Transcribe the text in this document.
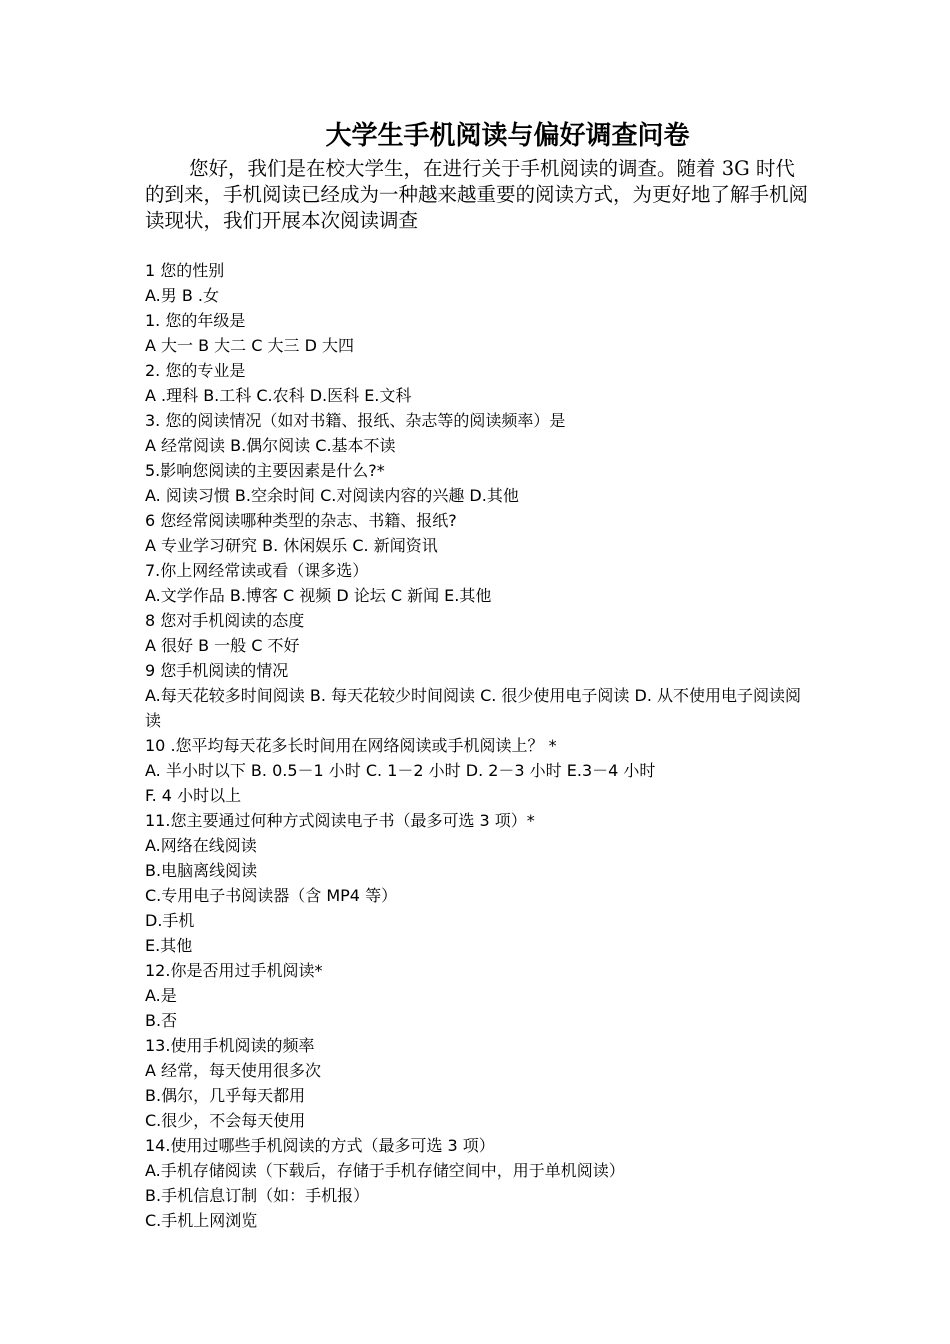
大学生手机阅读与偏好调查问卷

您好，我们是在校大学生，在进行关于手机阅读的调查。随着 3G 时代的到来，手机阅读已经成为一种越来越重要的阅读方式，为更好地了解手机阅读现状，我们开展本次阅读调查

1 您的性别

A.男 B .女

1. 您的年级是

A 大一 B 大二 C 大三 D 大四

2. 您的专业是

A .理科 B.工科 C.农科 D.医科 E.文科

3. 您的阅读情况（如对书籍、报纸、杂志等的阅读频率）是

A 经常阅读 B.偶尔阅读 C.基本不读

5.影响您阅读的主要因素是什么?*

A. 阅读习惯 B.空余时间 C.对阅读内容的兴趣 D.其他

6 您经常阅读哪种类型的杂志、书籍、报纸?

A 专业学习研究 B. 休闲娱乐 C. 新闻资讯

7.你上网经常读或看（课多选）

A.文学作品 B.博客 C 视频 D 论坛 C 新闻 E.其他

8 您对手机阅读的态度

A 很好 B 一般 C 不好

9 您手机阅读的情况

A.每天花较多时间阅读 B. 每天花较少时间阅读 C. 很少使用电子阅读 D. 从不使用电子阅读阅读

10 .您平均每天花多长时间用在网络阅读或手机阅读上？ *

A. 半小时以下 B. 0.5－1 小时 C. 1－2 小时 D. 2－3 小时 E.3－4 小时

F. 4 小时以上

11.您主要通过何种方式阅读电子书（最多可选 3 项）*

A.网络在线阅读

B.电脑离线阅读

C.专用电子书阅读器（含 MP4 等）

D.手机

E.其他

12.你是否用过手机阅读*

A.是

B.否

13.使用手机阅读的频率

A 经常，每天使用很多次

B.偶尔，几乎每天都用

C.很少，不会每天使用

14.使用过哪些手机阅读的方式（最多可选 3 项）

A.手机存储阅读（下载后，存储于手机存储空间中，用于单机阅读）

B.手机信息订制（如：手机报）

C.手机上网浏览
